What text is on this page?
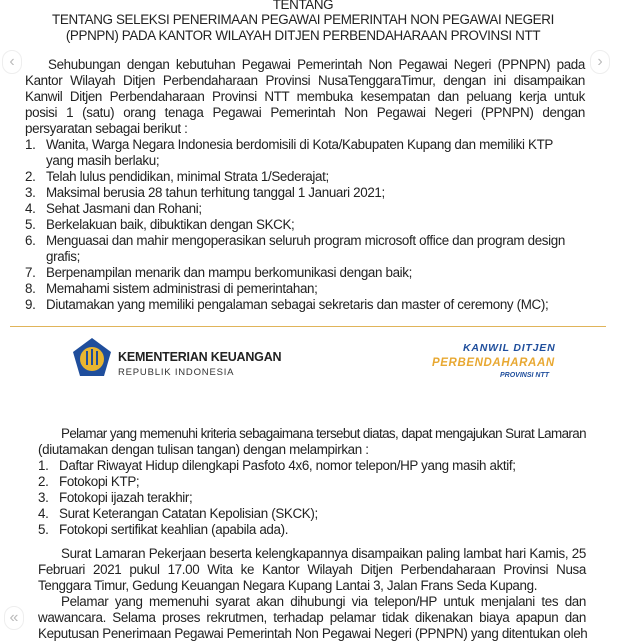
TENTANG
TENTANG SELEKSI PENERIMAAN PEGAWAI PEMERINTAH NON PEGAWAI NEGERI
(PPNPN) PADA KANTOR WILAYAH DITJEN PERBENDAHARAAN PROVINSI NTT
Sehubungan dengan kebutuhan Pegawai Pemerintah Non Pegawai Negeri (PPNPN) pada
Kantor Wilayah Ditjen Perbendaharaan Provinsi NusaTenggaraTimur, dengan ini disampaikan
Kanwil Ditjen Perbendaharaan Provinsi NTT membuka kesempatan dan peluang kerja untuk
posisi 1 (satu) orang tenaga Pegawai Pemerintah Non Pegawai Negeri (PPNPN) dengan
persyaratan sebagai berikut :
1. Wanita, Warga Negara Indonesia berdomisili di Kota/Kabupaten Kupang dan memiliki KTP
yang masih berlaku;
2. Telah lulus pendidikan, minimal Strata 1/Sederajat;
3. Maksimal berusia 28 tahun terhitung tanggal 1 Januari 2021;
4. Sehat Jasmani dan Rohani;
5. Berkelakuan baik, dibuktikan dengan SKCK;
6. Menguasai dan mahir mengoperasikan seluruh program microsoft office dan program design
grafis;
7. Berpenampilan menarik dan mampu berkomunikasi dengan baik;
8. Memahami sistem administrasi di pemerintahan;
9. Diutamakan yang memiliki pengalaman sebagai sekretaris dan master of ceremony (MC);
KEMENTERIAN KEUANGAN
REPUBLIK INDONESIA
KANWIL DITJEN
PERBENDAHARAAN
PROVINSI NTT
Pelamar yang memenuhi kriteria sebagaimana tersebut diatas, dapat mengajukan Surat Lamaran
(diutamakan dengan tulisan tangan) dengan melampirkan :
1. Daftar Riwayat Hidup dilengkapi Pasfoto 4x6, nomor telepon/HP yang masih aktif;
2. Fotokopi KTP;
3. Fotokopi ijazah terakhir;
4. Surat Keterangan Catatan Kepolisian (SKCK);
5. Fotokopi sertifikat keahlian (apabila ada).
Surat Lamaran Pekerjaan beserta kelengkapannya disampaikan paling lambat hari Kamis, 25
Februari 2021 pukul 17.00 Wita ke Kantor Wilayah Ditjen Perbendaharaan Provinsi Nusa
Tenggara Timur, Gedung Keuangan Negara Kupang Lantai 3, Jalan Frans Seda Kupang.
Pelamar yang memenuhi syarat akan dihubungi via telepon/HP untuk menjalani tes dan
wawancara. Selama proses rekrutmen, terhadap pelamar tidak dikenakan biaya apapun dan
Keputusan Penerimaan Pegawai Pemerintah Non Pegawai Negeri (PPNPN) yang ditentukan oleh
‹	›
«
